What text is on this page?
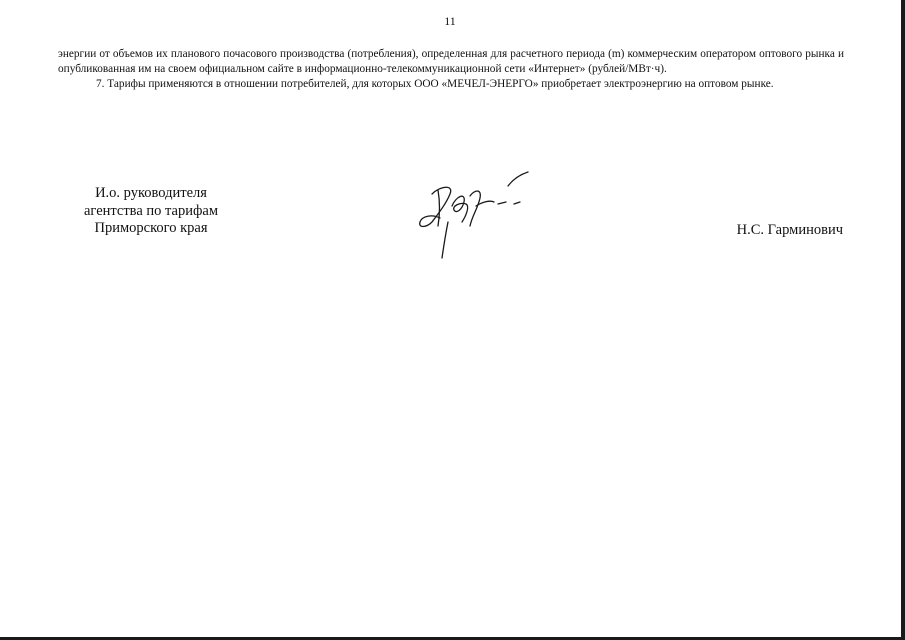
11

энергии от объемов их планового почасового производства (потребления), определенная для расчетного периода (m) коммерческим оператором оптового рынка и опубликованная им на своем официальном сайте в информационно-телекоммуникационной сети «Интернет» (рублей/МВт·ч).

7. Тарифы применяются в отношении потребителей, для которых ООО «МЕЧЕЛ-ЭНЕРГО» приобретает электроэнергию на оптовом рынке.

И.о. руководителя
агентства по тарифам
Приморского края	Н.С. Гарминович
